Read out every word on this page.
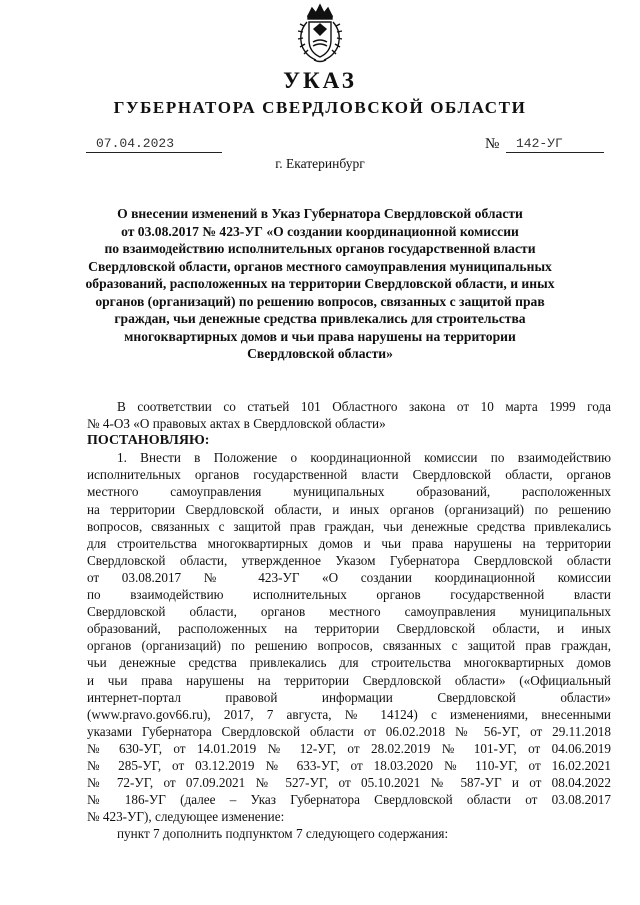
УКАЗ
ГУБЕРНАТОРА СВЕРДЛОВСКОЙ ОБЛАСТИ
07.04.2023	№	142-УГ
г. Екатеринбург
О внесении изменений в Указ Губернатора Свердловской области
от 03.08.2017 № 423-УГ «О создании координационной комиссии
по взаимодействию исполнительных органов государственной власти
Свердловской области, органов местного самоуправления муниципальных
образований, расположенных на территории Свердловской области, и иных
органов (организаций) по решению вопросов, связанных с защитой прав
граждан, чьи денежные средства привлекались для строительства
многоквартирных домов и чьи права нарушены на территории
Свердловской области»

В соответствии со статьей 101 Областного закона от 10 марта 1999 года

№ 4-ОЗ «О правовых актах в Свердловской области»

ПОСТАНОВЛЯЮ:

1. Внести в Положение о координационной комиссии по взаимодействию

исполнительных органов государственной власти Свердловской области, органов

местного самоуправления муниципальных образований, расположенных

на территории Свердловской области, и иных органов (организаций) по решению

вопросов, связанных с защитой прав граждан, чьи денежные средства привлекались

для строительства многоквартирных домов и чьи права нарушены на территории

Свердловской области, утвержденное Указом Губернатора Свердловской области

от 03.08.2017 № 423-УГ «О создании координационной комиссии

по взаимодействию исполнительных органов государственной власти

Свердловской области, органов местного самоуправления муниципальных

образований, расположенных на территории Свердловской области, и иных

органов (организаций) по решению вопросов, связанных с защитой прав граждан,

чьи денежные средства привлекались для строительства многоквартирных домов

и чьи права нарушены на территории Свердловской области» («Официальный

интернет-портал правовой информации Свердловской области»

(www.pravo.gov66.ru), 2017, 7 августа, № 14124) с изменениями, внесенными

указами Губернатора Свердловской области от 06.02.2018 № 56-УГ, от 29.11.2018

№ 630-УГ, от 14.01.2019 № 12-УГ, от 28.02.2019 № 101-УГ, от 04.06.2019

№ 285-УГ, от 03.12.2019 № 633-УГ, от 18.03.2020 № 110-УГ, от 16.02.2021

№ 72-УГ, от 07.09.2021 № 527-УГ, от 05.10.2021 № 587-УГ и от 08.04.2022

№ 186-УГ (далее – Указ Губернатора Свердловской области от 03.08.2017

№ 423-УГ), следующее изменение:

пункт 7 дополнить подпунктом 7 следующего содержания:
